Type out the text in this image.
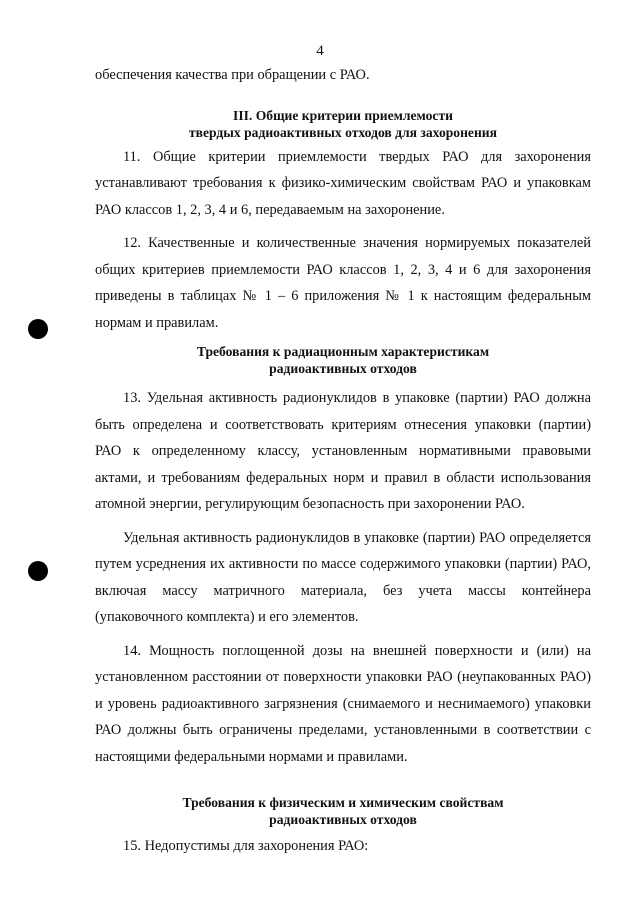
4

обеспечения качества при обращении с РАО.

III. Общие критерии приемлемости
твердых радиоактивных отходов для захоронения

11. Общие критерии приемлемости твердых РАО для захоронения устанавливают требования к физико-химическим свойствам РАО и упаковкам РАО классов 1, 2, 3, 4 и 6, передаваемым на захоронение.

12. Качественные и количественные значения нормируемых показателей общих критериев приемлемости РАО классов 1, 2, 3, 4 и 6 для захоронения приведены в таблицах № 1 – 6 приложения № 1 к настоящим федеральным нормам и правилам.

Требования к радиационным характеристикам
радиоактивных отходов

13. Удельная активность радионуклидов в упаковке (партии) РАО должна быть определена и соответствовать критериям отнесения упаковки (партии) РАО к определенному классу, установленным нормативными правовыми актами, и требованиям федеральных норм и правил в области использования атомной энергии, регулирующим безопасность при захоронении РАО.

Удельная активность радионуклидов в упаковке (партии) РАО определяется путем усреднения их активности по массе содержимого упаковки (партии) РАО, включая массу матричного материала, без учета массы контейнера (упаковочного комплекта) и его элементов.

14. Мощность поглощенной дозы на внешней поверхности и (или) на установленном расстоянии от поверхности упаковки РАО (неупакованных РАО) и уровень радиоактивного загрязнения (снимаемого и неснимаемого) упаковки РАО должны быть ограничены пределами, установленными в соответствии с настоящими федеральными нормами и правилами.

Требования к физическим и химическим свойствам
радиоактивных отходов

15. Недопустимы для захоронения РАО:
